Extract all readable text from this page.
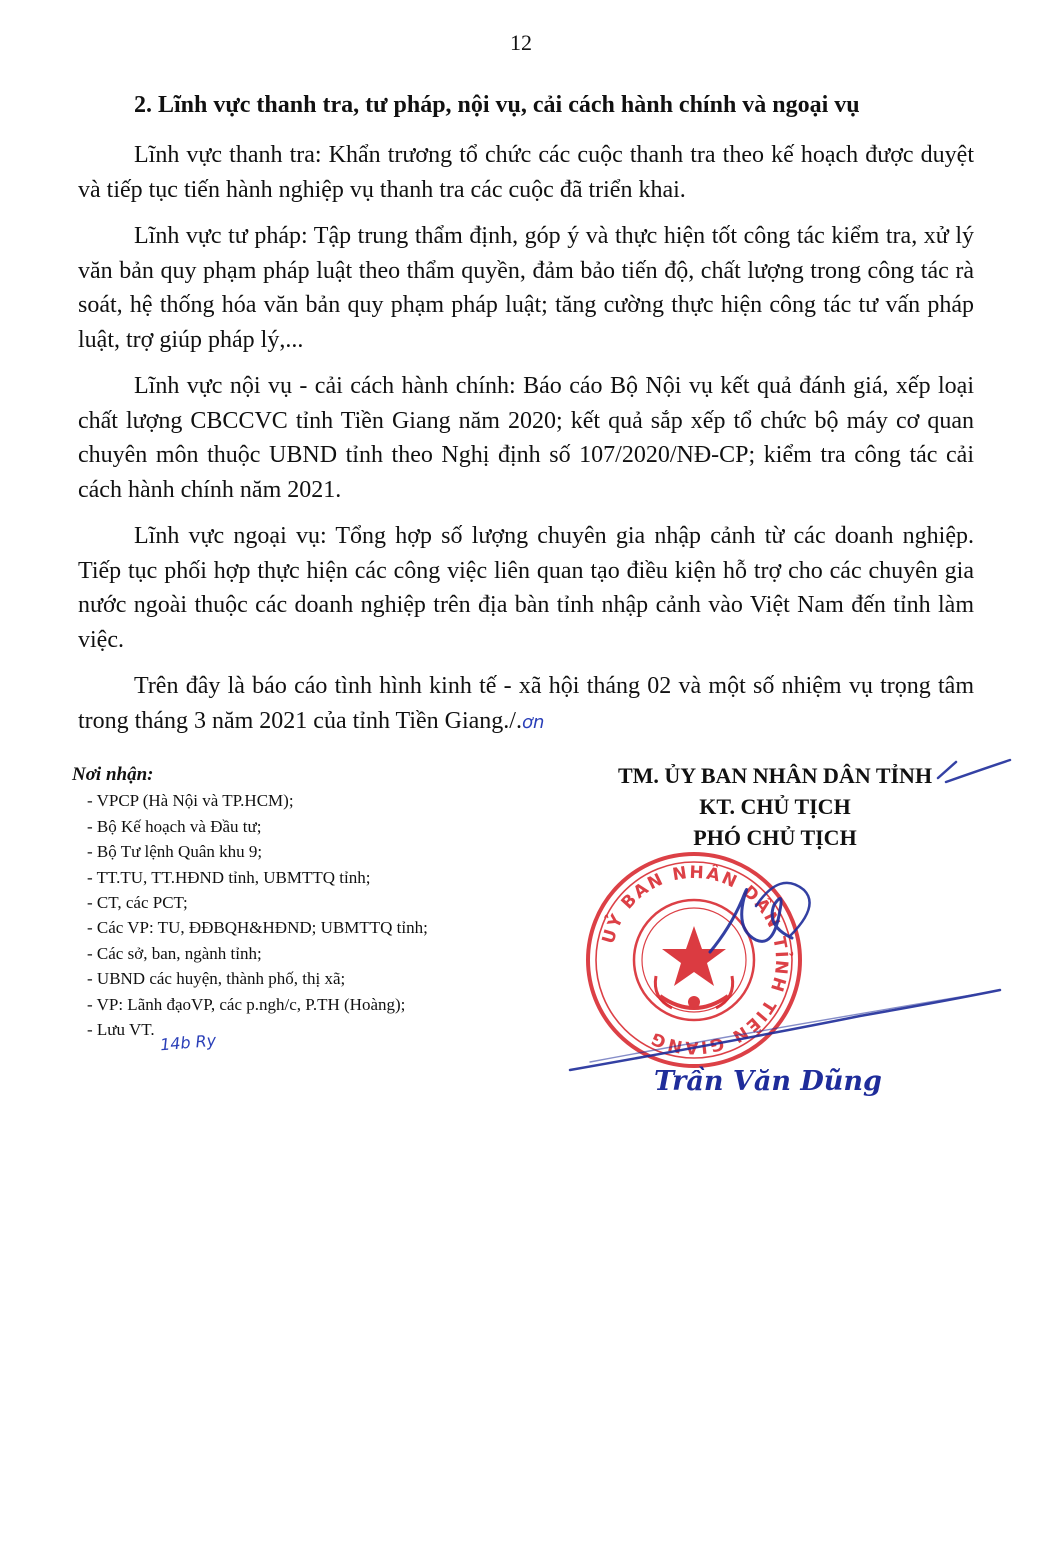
12
2. Lĩnh vực thanh tra, tư pháp, nội vụ, cải cách hành chính và ngoại vụ

Lĩnh vực thanh tra: Khẩn trương tổ chức các cuộc thanh tra theo kế hoạch được duyệt và tiếp tục tiến hành nghiệp vụ thanh tra các cuộc đã triển khai.

Lĩnh vực tư pháp: Tập trung thẩm định, góp ý và thực hiện tốt công tác kiểm tra, xử lý văn bản quy phạm pháp luật theo thẩm quyền, đảm bảo tiến độ, chất lượng trong công tác rà soát, hệ thống hóa văn bản quy phạm pháp luật; tăng cường thực hiện công tác tư vấn pháp luật, trợ giúp pháp lý,...

Lĩnh vực nội vụ - cải cách hành chính: Báo cáo Bộ Nội vụ kết quả đánh giá, xếp loại chất lượng CBCCVC tỉnh Tiền Giang năm 2020; kết quả sắp xếp tổ chức bộ máy cơ quan chuyên môn thuộc UBND tỉnh theo Nghị định số 107/2020/NĐ-CP; kiểm tra công tác cải cách hành chính năm 2021.

Lĩnh vực ngoại vụ: Tổng hợp số lượng chuyên gia nhập cảnh từ các doanh nghiệp. Tiếp tục phối hợp thực hiện các công việc liên quan tạo điều kiện hỗ trợ cho các chuyên gia nước ngoài thuộc các doanh nghiệp trên địa bàn tỉnh nhập cảnh vào Việt Nam đến tỉnh làm việc.

Trên đây là báo cáo tình hình kinh tế - xã hội tháng 02 và một số nhiệm vụ trọng tâm trong tháng 3 năm 2021 của tỉnh Tiền Giang./.ơn

Nơi nhận:
- VPCP (Hà Nội và TP.HCM);
- Bộ Kế hoạch và Đầu tư;
- Bộ Tư lệnh Quân khu 9;
- TT.TU, TT.HĐND tỉnh, UBMTTQ tỉnh;
- CT, các PCT;
- Các VP: TU, ĐĐBQH&HĐND; UBMTTQ tỉnh;
- Các sở, ban, ngành tỉnh;
- UBND các huyện, thành phố, thị xã;
- VP: Lãnh đạoVP, các p.ngh/c, P.TH (Hoàng);
- Lưu VT.
14b Ry
TM. ỦY BAN NHÂN DÂN TỈNH
KT. CHỦ TỊCH
PHÓ CHỦ TỊCH
UỶ BAN NHÂN DÂN TỈNH TIỀN GIANG
Trần Văn Dũng
